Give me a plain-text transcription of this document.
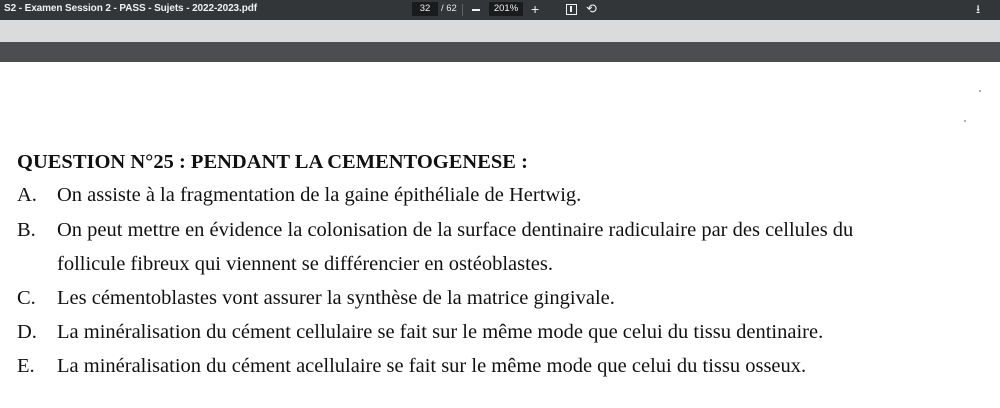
S2 - Examen Session 2 - PASS - Sujets - 2022-2023.pdf	32	/ 62	201% +	⟲	⭳
QUESTION N°25 : PENDANT LA CEMENTOGENESE :
A. On assiste à la fragmentation de la gaine épithéliale de Hertwig.
B. On peut mettre en évidence la colonisation de la surface dentinaire radiculaire par des cellules du
follicule fibreux qui viennent se différencier en ostéoblastes.
C. Les cémentoblastes vont assurer la synthèse de la matrice gingivale.
D. La minéralisation du cément cellulaire se fait sur le même mode que celui du tissu dentinaire.
E. La minéralisation du cément acellulaire se fait sur le même mode que celui du tissu osseux.
